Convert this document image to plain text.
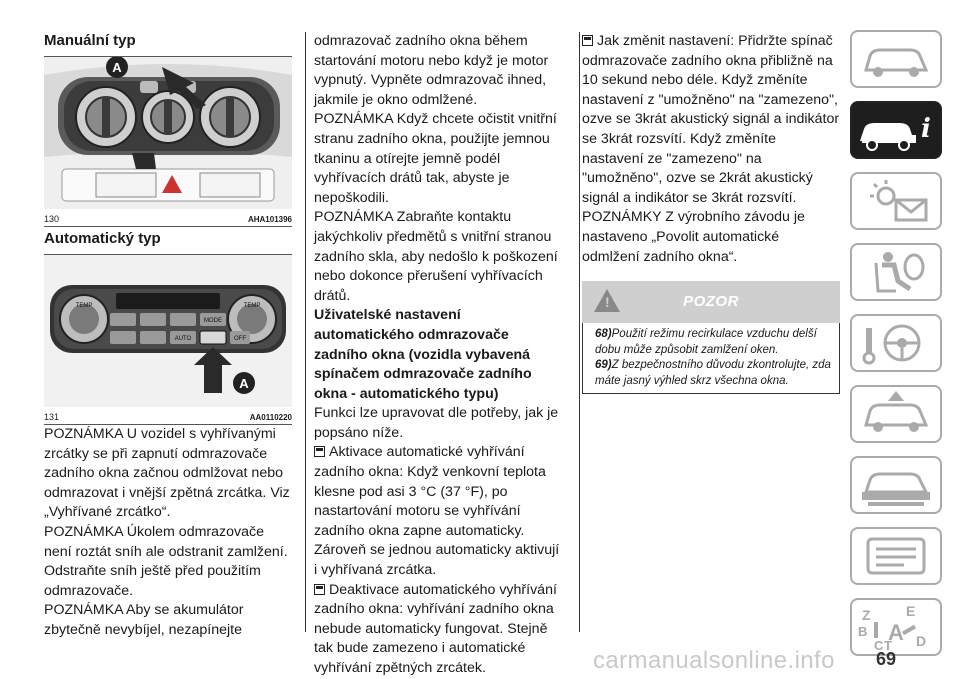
Manuální typ
A
130	AHA101396
Automatický typ
TEMP	TEMP
MODE
AUTO	OFF
A
131	AA0110220

POZNÁMKA U vozidel s vyhřívanými zrcátky se při zapnutí odmrazovače zadního okna začnou odmlžovat nebo odmrazovat i vnější zpětná zrcátka. Viz „Vyhřívané zrcátko“.

POZNÁMKA Úkolem odmrazovače není roztát sníh ale odstranit zamlžení. Odstraňte sníh ještě před použitím odmrazovače.

POZNÁMKA Aby se akumulátor zbytečně nevybíjel, nezapínejte

odmrazovač zadního okna během startování motoru nebo když je motor vypnutý. Vypněte odmrazovač ihned, jakmile je okno odmlžené.

POZNÁMKA Když chcete očistit vnitřní stranu zadního okna, použijte jemnou tkaninu a otírejte jemně podél vyhřívacích drátů tak, abyste je nepoškodili.

POZNÁMKA Zabraňte kontaktu jakýchkoliv předmětů s vnitřní stranou zadního skla, aby nedošlo k poškození nebo dokonce přerušení vyhřívacích drátů.

Uživatelské nastavení automatického odmrazovače zadního okna (vozidla vybavená spínačem odmrazovače zadního okna - automatického typu)

Funkci lze upravovat dle potřeby, jak je popsáno níže.

Aktivace automatické vyhřívání zadního okna: Když venkovní teplota klesne pod asi 3 °C (37 °F), po nastartování motoru se vyhřívání zadního okna zapne automaticky. Zároveň se jednou automaticky aktivují i vyhřívaná zrcátka.

Deaktivace automatického vyhřívání zadního okna: vyhřívání zadního okna nebude automaticky fungovat. Stejně tak bude zamezeno i automatické vyhřívání zpětných zrcátek.

Jak změnit nastavení: Přidržte spínač odmrazovače zadního okna přibližně na 10 sekund nebo déle. Když změníte nastavení z "umožněno" na "zamezeno", ozve se 3krát akustický signál a indikátor se 3krát rozsvítí. Když změníte nastavení ze "zamezeno" na "umožněno", ozve se 2krát akustický signál a indikátor se 3krát rozsvítí.

POZNÁMKY Z výrobního závodu je nastaveno „Povolit automatické odmlžení zadního okna“.

!
POZOR
68)Použití režimu recirkulace vzduchu delší dobu může způsobit zamlžení oken.
69)Z bezpečnostního důvodu zkontrolujte, zda máte jasný výhled skrz všechna okna.
i
Z	E
B A
C T D
carmanualsonline.info 69
